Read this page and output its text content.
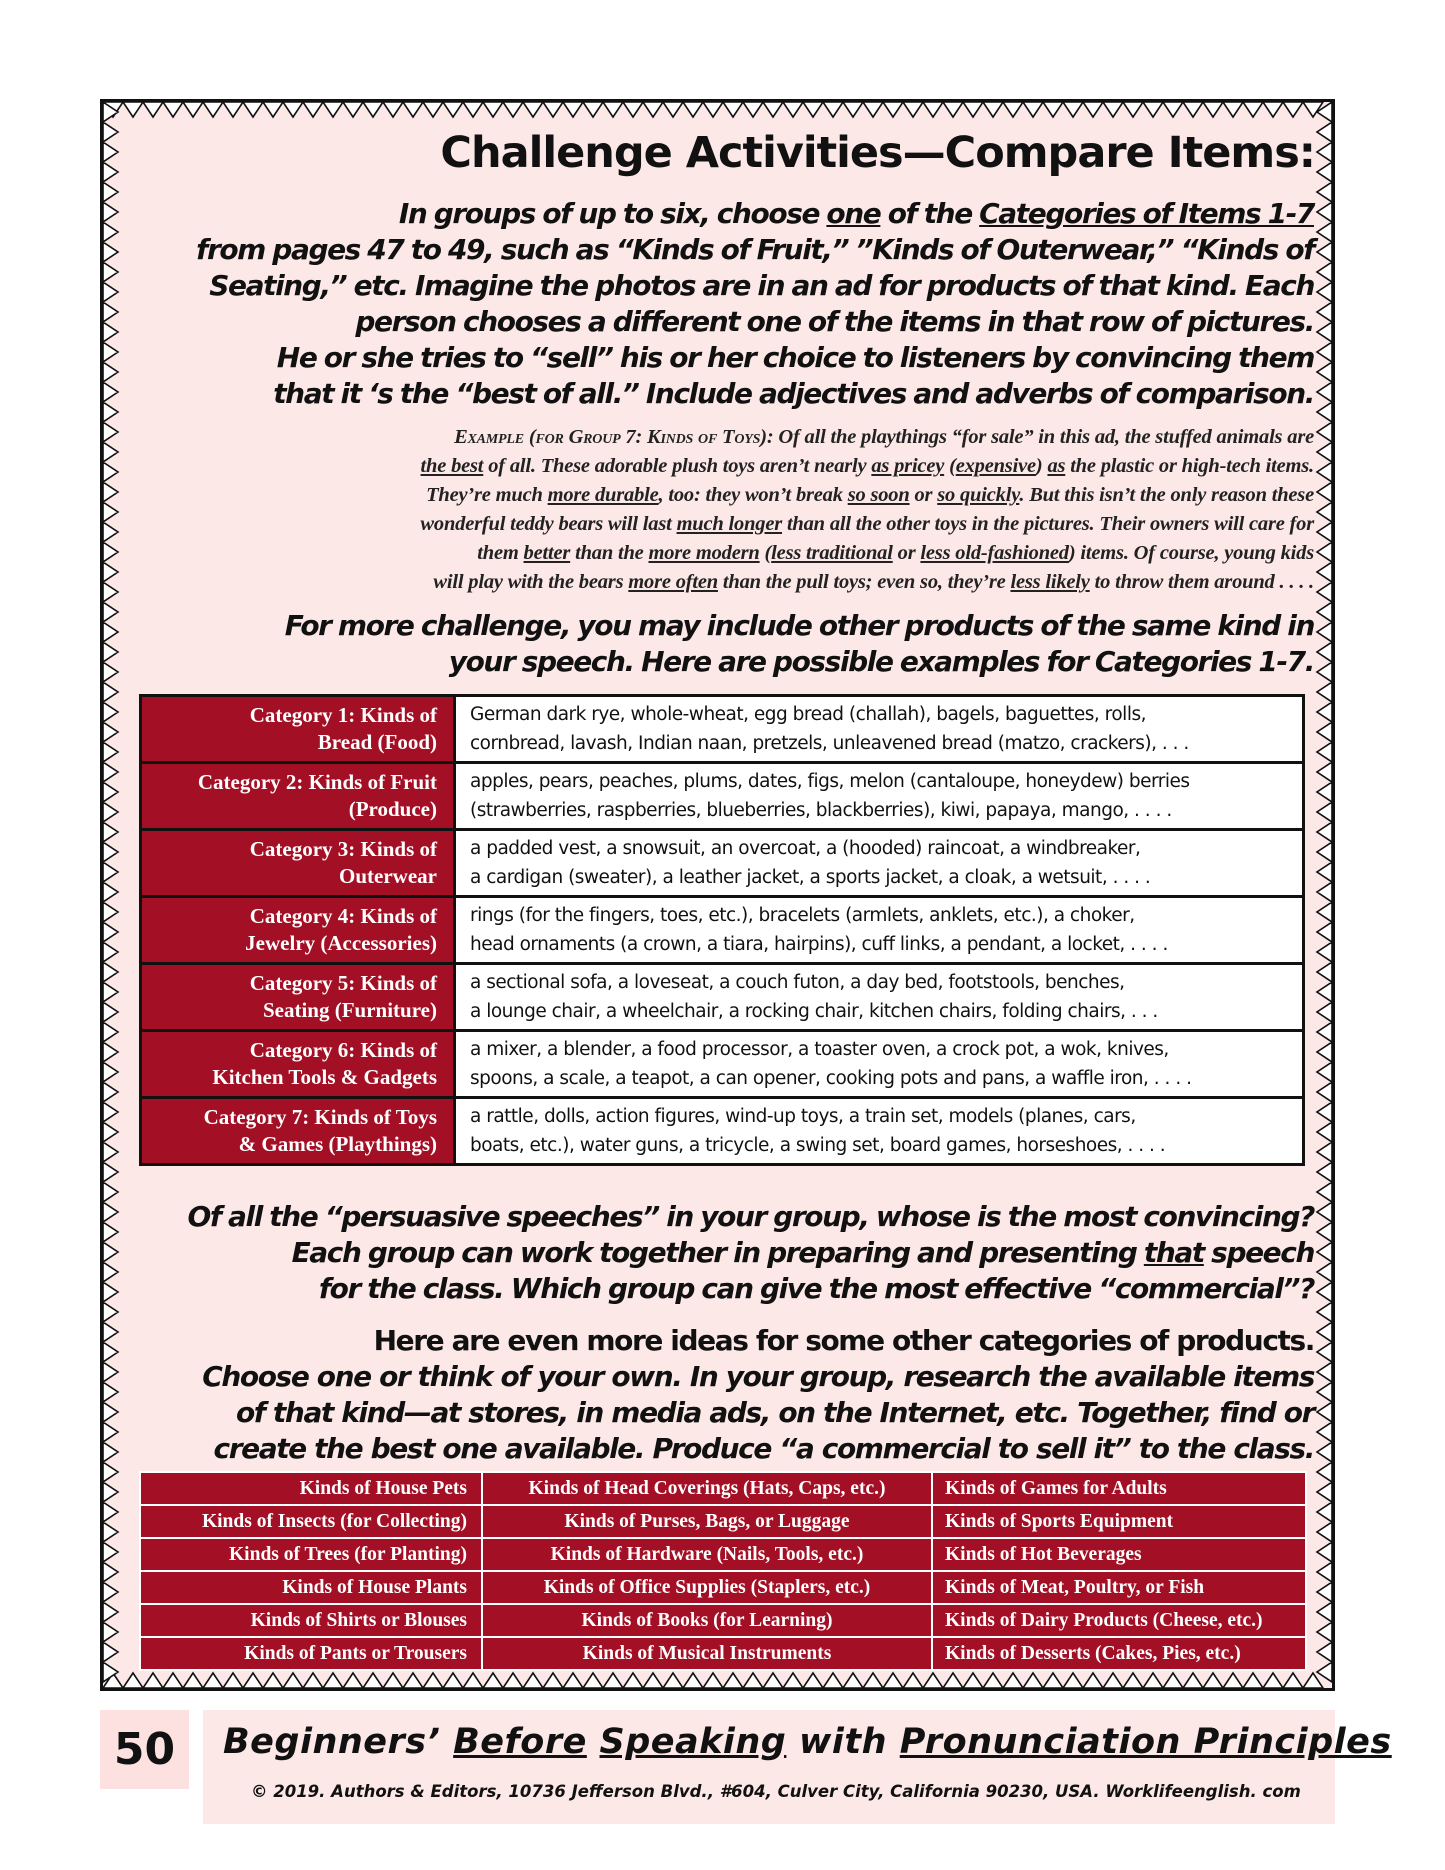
Challenge Activities—Compare Items:

In groups of up to six, choose one of the Categories of Items 1-7
from pages 47 to 49, such as “Kinds of Fruit,” ”Kinds of Outerwear,” “Kinds of
Seating,” etc. Imagine the photos are in an ad for products of that kind. Each
person chooses a different one of the items in that row of pictures.
He or she tries to “sell” his or her choice to listeners by convincing them
that it ‘s the “best of all.” Include adjectives and adverbs of comparison.

Example (for Group 7: Kinds of Toys): Of all the playthings “for sale” in this ad, the stuffed animals are
the best of all. These adorable plush toys aren’t nearly as pricey (expensive) as the plastic or high-tech items.
They’re much more durable, too: they won’t break so soon or so quickly. But this isn’t the only reason these
wonderful teddy bears will last much longer than all the other toys in the pictures. Their owners will care for
them better than the more modern (less traditional or less old-fashioned) items. Of course, young kids
will play with the bears more often than the pull toys; even so, they’re less likely to throw them around . . . .

For more challenge, you may include other products of the same kind in
your speech. Here are possible examples for Categories 1-7.

Category 1: Kinds of
Bread (Food)	German dark rye, whole-wheat, egg bread (challah), bagels, baguettes, rolls,
cornbread, lavash, Indian naan, pretzels, unleavened bread (matzo, crackers), . . .

Category 2: Kinds of Fruit
(Produce)	apples, pears, peaches, plums, dates, figs, melon (cantaloupe, honeydew) berries
(strawberries, raspberries, blueberries, blackberries), kiwi, papaya, mango, . . . .

Category 3: Kinds of
Outerwear	a padded vest, a snowsuit, an overcoat, a (hooded) raincoat, a windbreaker,
a cardigan (sweater), a leather jacket, a sports jacket, a cloak, a wetsuit, . . . .

Category 4: Kinds of
Jewelry (Accessories)	rings (for the fingers, toes, etc.), bracelets (armlets, anklets, etc.), a choker,
head ornaments (a crown, a tiara, hairpins), cuff links, a pendant, a locket, . . . .

Category 5: Kinds of
Seating (Furniture)	a sectional sofa, a loveseat, a couch futon, a day bed, footstools, benches,
a lounge chair, a wheelchair, a rocking chair, kitchen chairs, folding chairs, . . .

Category 6: Kinds of
Kitchen Tools & Gadgets	a mixer, a blender, a food processor, a toaster oven, a crock pot, a wok, knives,
spoons, a scale, a teapot, a can opener, cooking pots and pans, a waffle iron, . . . .

Category 7: Kinds of Toys
& Games (Playthings)	a rattle, dolls, action figures, wind-up toys, a train set, models (planes, cars,
boats, etc.), water guns, a tricycle, a swing set, board games, horseshoes, . . . .

Of all the “persuasive speeches” in your group, whose is the most convincing?
Each group can work together in preparing and presenting that speech
for the class. Which group can give the most effective “commercial”?

Here are even more ideas for some other categories of products.
Choose one or think of your own. In your group, research the available items
of that kind—at stores, in media ads, on the Internet, etc. Together, find or
create the best one available. Produce “a commercial to sell it” to the class.

Kinds of House Pets	Kinds of Head Coverings (Hats, Caps, etc.)	Kinds of Games for Adults
Kinds of Insects (for Collecting)	Kinds of Purses, Bags, or Luggage	Kinds of Sports Equipment
Kinds of Trees (for Planting)	Kinds of Hardware (Nails, Tools, etc.)	Kinds of Hot Beverages
Kinds of House Plants	Kinds of Office Supplies (Staplers, etc.)	Kinds of Meat, Poultry, or Fish
Kinds of Shirts or Blouses	Kinds of Books (for Learning)	Kinds of Dairy Products (Cheese, etc.)
Kinds of Pants or Trousers	Kinds of Musical Instruments	Kinds of Desserts (Cakes, Pies, etc.)
50	Beginners’ Before Speaking with Pronunciation Principles

© 2019. Authors & Editors, 10736 Jefferson Blvd., #604, Culver City, California 90230, USA. Worklifeenglish. com
